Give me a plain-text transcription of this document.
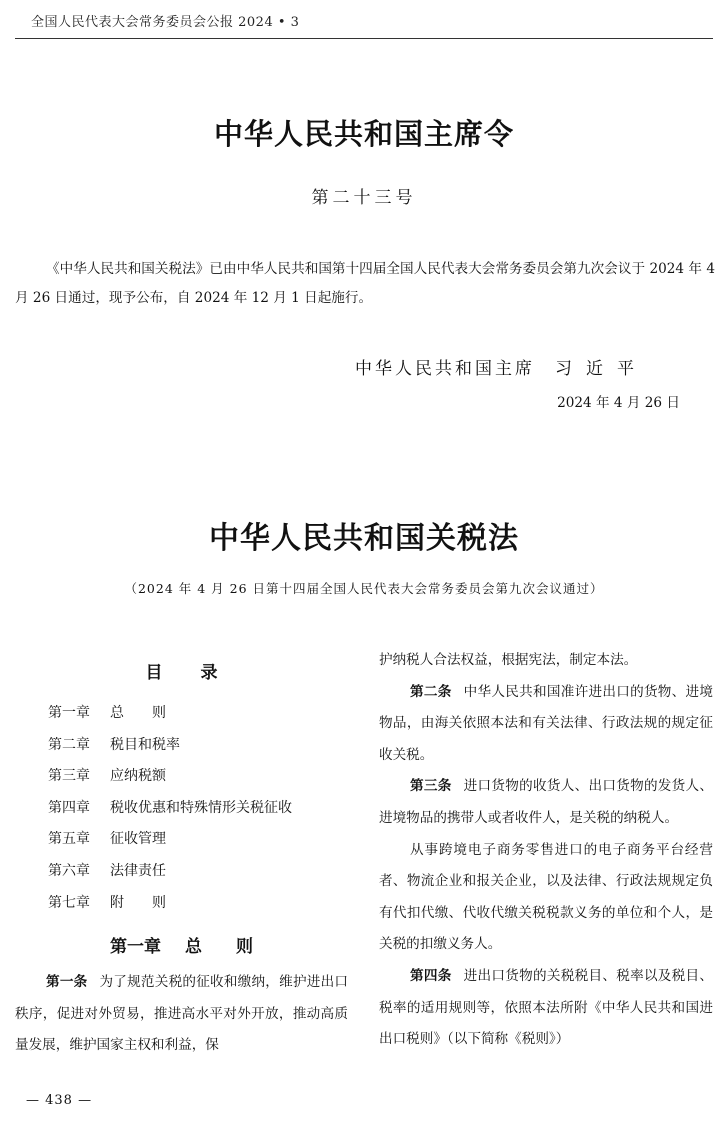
全国人民代表大会常务委员会公报 2024 • 3
中华人民共和国主席令
第二十三号
《中华人民共和国关税法》已由中华人民共和国第十四届全国人民代表大会常务委员会第九次会议于 2024 年 4 月 26 日通过，现予公布，自 2024 年 12 月 1 日起施行。
中华人民共和国主席 习近平
2024 年 4 月 26 日
中华人民共和国关税法
（2024 年 4 月 26 日第十四届全国人民代表大会常务委员会第九次会议通过）
目录
第一章 总　　则
第二章 税目和税率
第三章 应纳税额
第四章 税收优惠和特殊情形关税征收
第五章 征收管理
第六章 法律责任
第七章 附　　则
第一章 总　　则
第一条 为了规范关税的征收和缴纳，维护进出口秩序，促进对外贸易，推进高水平对外开放，推动高质量发展，维护国家主权和利益，保
护纳税人合法权益，根据宪法，制定本法。
第二条 中华人民共和国准许进出口的货物、进境物品，由海关依照本法和有关法律、行政法规的规定征收关税。
第三条 进口货物的收货人、出口货物的发货人、进境物品的携带人或者收件人，是关税的纳税人。
从事跨境电子商务零售进口的电子商务平台经营者、物流企业和报关企业，以及法律、行政法规规定负有代扣代缴、代收代缴关税税款义务的单位和个人，是关税的扣缴义务人。
第四条 进出口货物的关税税目、税率以及税目、税率的适用规则等，依照本法所附《中华人民共和国进出口税则》（以下简称《税则》）
— 438 —
